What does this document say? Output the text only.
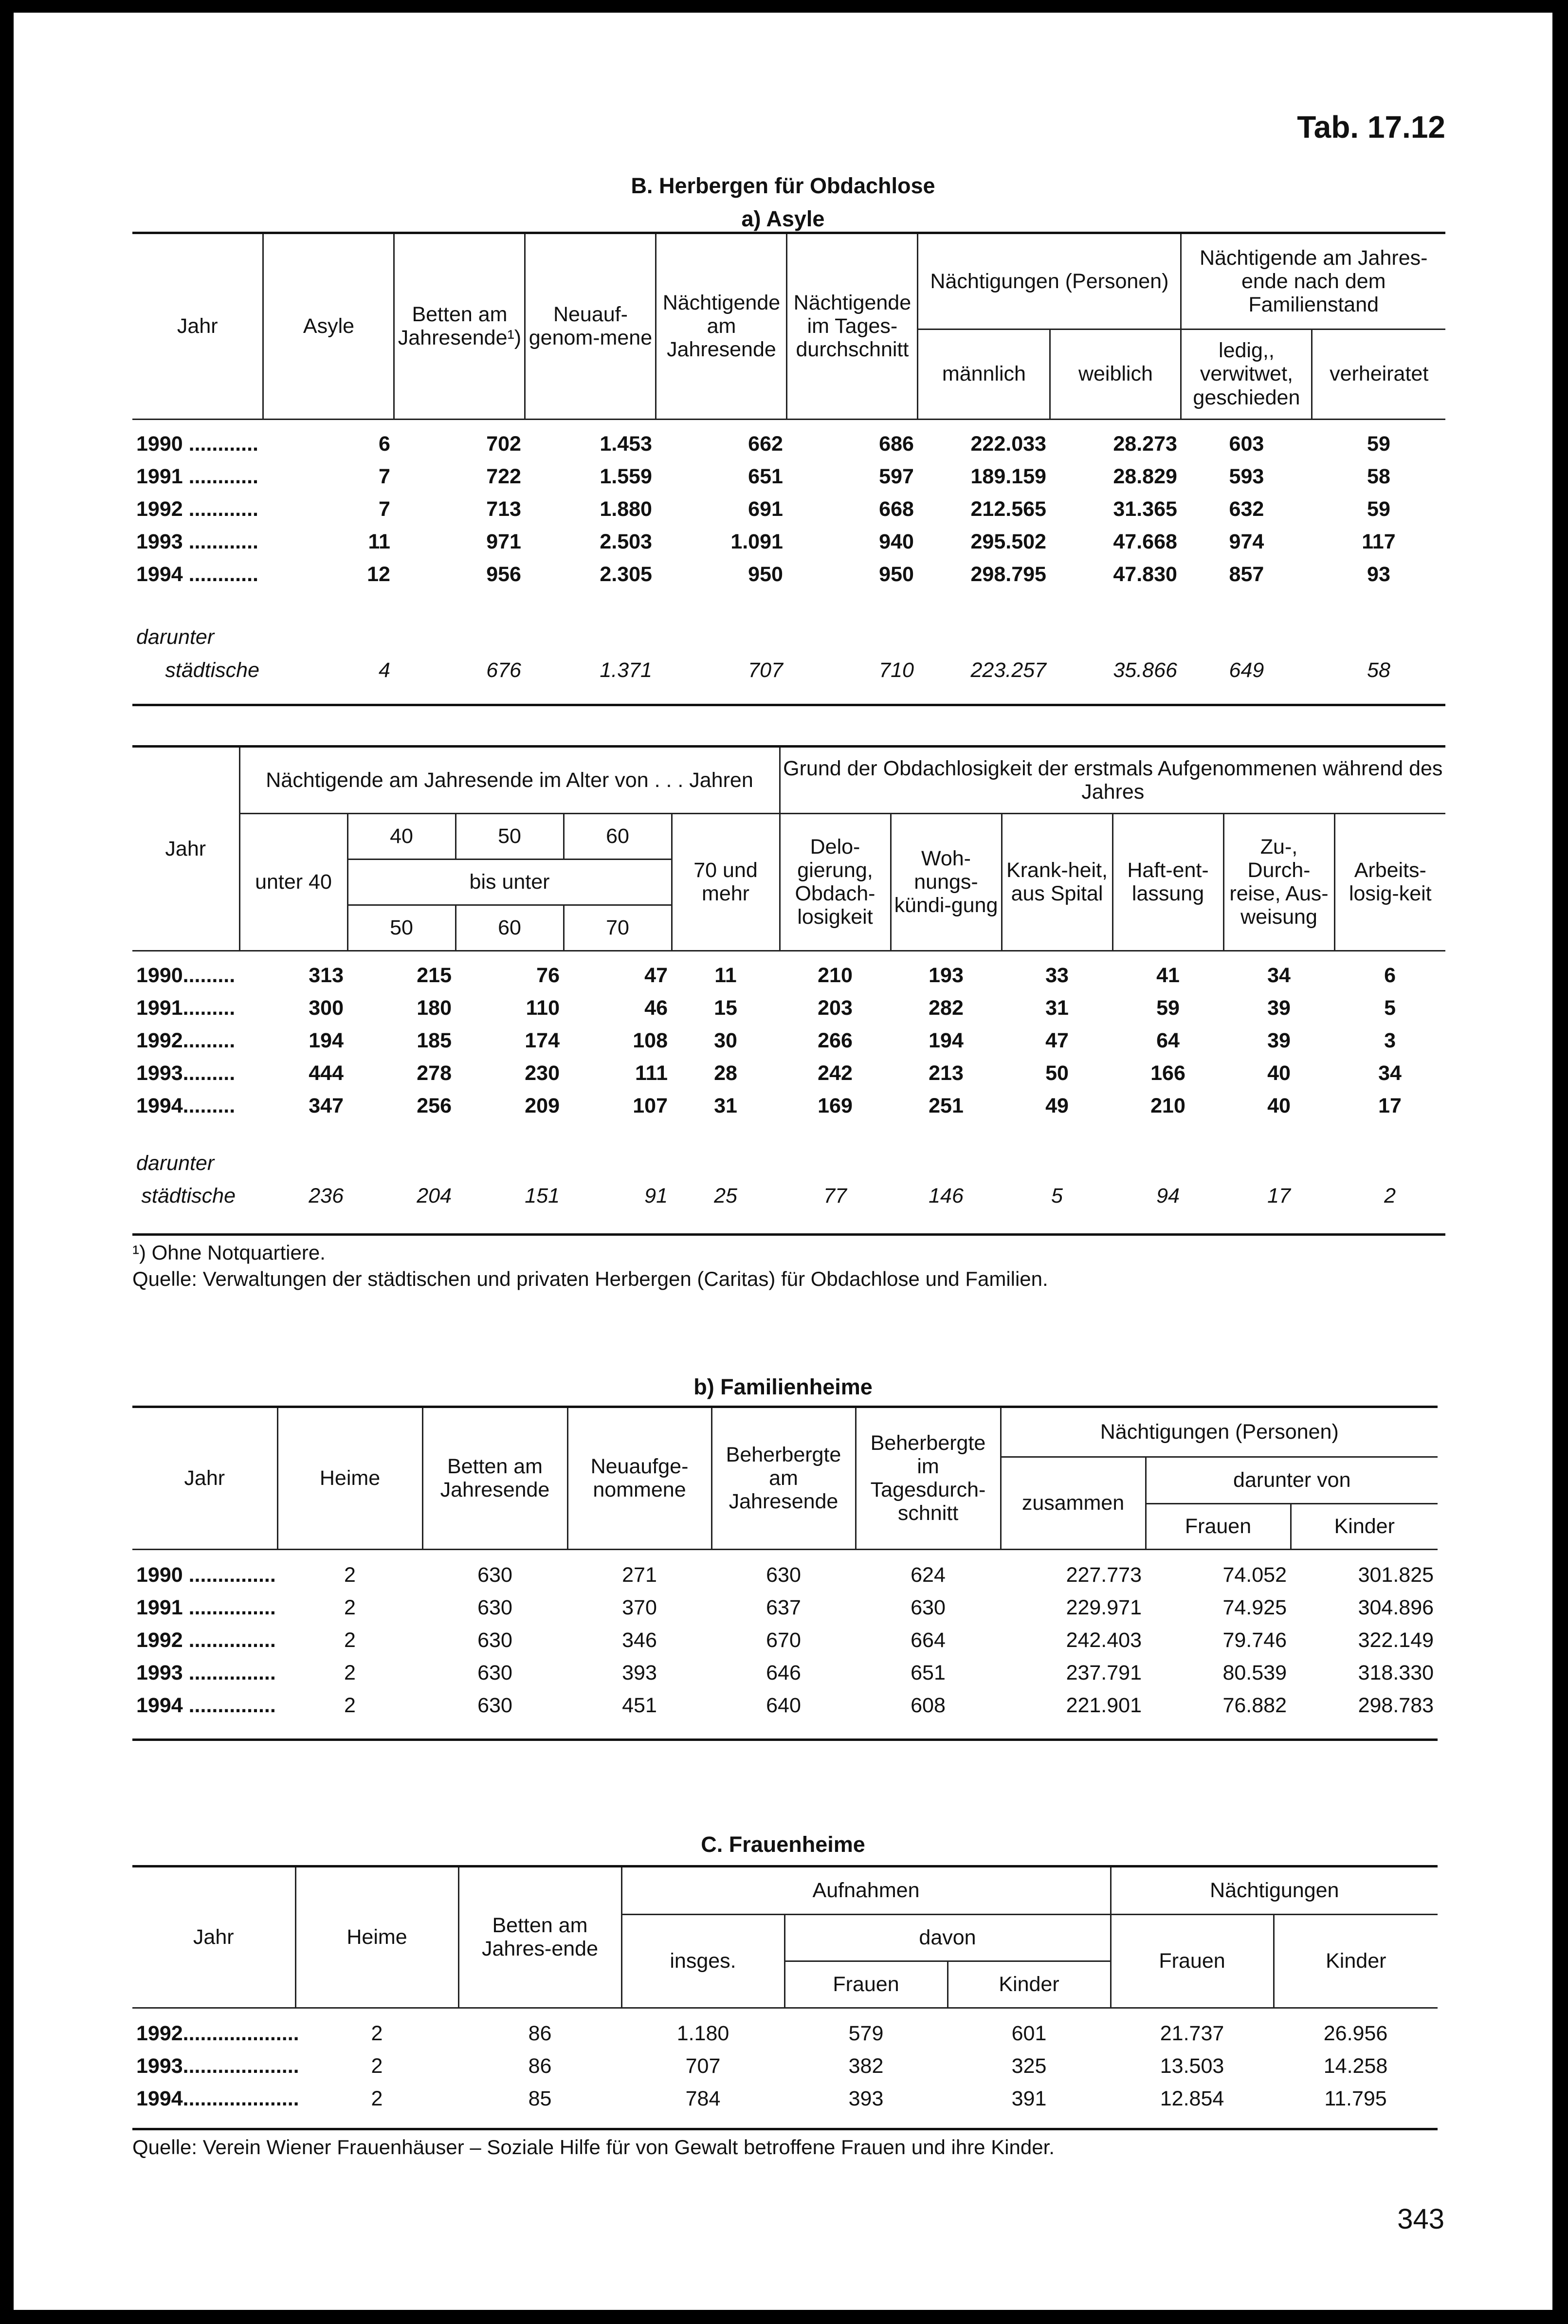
Tab. 17.12
B. Herbergen für Obdachlose
a) Asyle
Jahr	Asyle	Betten am Jahresende¹)	Neuauf-genom-mene	Nächtigende am Jahresende	Nächtigende im Tages-durchschnitt	Nächtigungen (Personen)		Nächtigende am Jahres-ende nach dem Familienstand	
						männlich	weiblich	ledig,, verwitwet, geschieden	verheiratet

1990 ............	6	702	1.453	662	686	222.033	28.273	603	59
1991 ............	7	722	1.559	651	597	189.159	28.829	593	58
1992 ............	7	713	1.880	691	668	212.565	31.365	632	59
1993 ............	11	971	2.503	1.091	940	295.502	47.668	974	117
1994 ............	12	956	2.305	950	950	298.795	47.830	857	93

darunter									
städtische	4	676	1.371	707	710	223.257	35.866	649	58
Jahr	Nächtigende am Jahresende im Alter von . . . Jahren					Grund der Obdachlosigkeit der erstmals Aufgenommenen während des Jahres					
	unter 40	40	50	60	70 und mehr	Delo-gierung, Obdach-losigkeit	Woh-nungs-kündi-gung	Krank-heit, aus Spital	Haft-ent-lassung	Zu-, Durch-reise, Aus-weisung	Arbeits-losig-keit
		bis unter									
		50	60	70							

1990.........	313	215	76	47	11	210	193	33	41	34	6
1991.........	300	180	110	46	15	203	282	31	59	39	5
1992.........	194	185	174	108	30	266	194	47	64	39	3
1993.........	444	278	230	111	28	242	213	50	166	40	34
1994.........	347	256	209	107	31	169	251	49	210	40	17

darunter											
städtische	236	204	151	91	25	77	146	5	94	17	2
¹) Ohne Notquartiere.
Quelle: Verwaltungen der städtischen und privaten Herbergen (Caritas) für Obdachlose und Familien.
b) Familienheime
Jahr	Heime	Betten am Jahresende	Neuaufge-nommene	Beherbergte am Jahresende	Beherbergte im Tagesdurch-schnitt	Nächtigungen (Personen)		
						zusammen	darunter von	
							Frauen	Kinder

1990 ...............	2	630	271	630	624	227.773	74.052	301.825
1991 ...............	2	630	370	637	630	229.971	74.925	304.896
1992 ...............	2	630	346	670	664	242.403	79.746	322.149
1993 ...............	2	630	393	646	651	237.791	80.539	318.330
1994 ...............	2	630	451	640	608	221.901	76.882	298.783
C. Frauenheime
Jahr	Heime	Betten am Jahres-ende	Aufnahmen			Nächtigungen	
			insges.	davon		Frauen	Kinder
				Frauen	Kinder		

1992....................	2	86	1.180	579	601	21.737	26.956
1993....................	2	86	707	382	325	13.503	14.258
1994....................	2	85	784	393	391	12.854	11.795
Quelle: Verein Wiener Frauenhäuser – Soziale Hilfe für von Gewalt betroffene Frauen und ihre Kinder.
343
